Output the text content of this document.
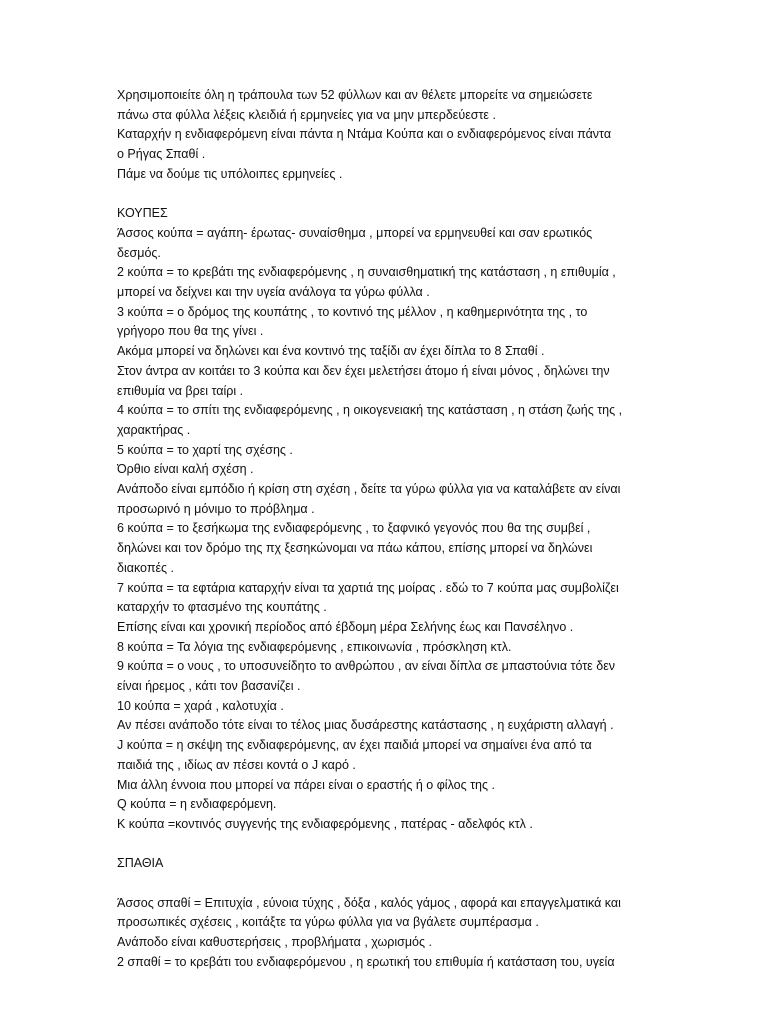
Χρησιμοποιείτε όλη η τράπουλα των 52 φύλλων και αν θέλετε μπορείτε να σημειώσετε
πάνω στα φύλλα λέξεις κλειδιά ή ερμηνείες για να μην μπερδεύεστε .
Καταρχήν η ενδιαφερόμενη είναι πάντα η Ντάμα Κούπα και ο ενδιαφερόμενος είναι πάντα
ο Ρήγας Σπαθί .
Πάμε να δούμε τις υπόλοιπες ερμηνείες .
ΚΟΥΠΕΣ
Άσσος κούπα = αγάπη- έρωτας- συναίσθημα , μπορεί να ερμηνευθεί και σαν ερωτικός
δεσμός.
2 κούπα = το κρεβάτι της ενδιαφερόμενης , η συναισθηματική της κατάσταση , η επιθυμία ,
μπορεί να δείχνει και την υγεία ανάλογα τα γύρω φύλλα .
3 κούπα = ο δρόμος της κουπάτης , το κοντινό της μέλλον , η καθημερινότητα της , το
γρήγορο που θα της γίνει .
Ακόμα μπορεί να δηλώνει και ένα κοντινό της ταξίδι αν έχει δίπλα το 8 Σπαθί .
Στον άντρα αν κοιτάει το 3 κούπα και δεν έχει μελετήσει άτομο ή είναι μόνος , δηλώνει την
επιθυμία να βρει ταίρι .
4 κούπα = το σπίτι της ενδιαφερόμενης , η οικογενειακή της κατάσταση , η στάση ζωής της ,
χαρακτήρας .
5 κούπα = το χαρτί της σχέσης .
Όρθιο είναι καλή σχέση .
Ανάποδο είναι εμπόδιο ή κρίση στη σχέση , δείτε τα γύρω φύλλα για να καταλάβετε αν είναι
προσωρινό η μόνιμο το πρόβλημα .
6 κούπα = το ξεσήκωμα της ενδιαφερόμενης , το ξαφνικό γεγονός που θα της συμβεί ,
δηλώνει και τον δρόμο της πχ ξεσηκώνομαι να πάω κάπου, επίσης μπορεί να δηλώνει
διακοπές .
7 κούπα = τα εφτάρια καταρχήν είναι τα χαρτιά της μοίρας . εδώ το 7 κούπα μας συμβολίζει
καταρχήν το φτασμένο της κουπάτης .
Επίσης είναι και χρονική περίοδος από έβδομη μέρα Σελήνης έως και Πανσέληνο .
8 κούπα = Τα λόγια της ενδιαφερόμενης , επικοινωνία , πρόσκληση κτλ.
9 κούπα = ο νους , το υποσυνείδητο το ανθρώπου , αν είναι δίπλα σε μπαστούνια τότε δεν
είναι ήρεμος , κάτι τον βασανίζει .
10 κούπα = χαρά , καλοτυχία .
Αν πέσει ανάποδο τότε είναι το τέλος μιας δυσάρεστης κατάστασης , η ευχάριστη αλλαγή .
J κούπα = η σκέψη της ενδιαφερόμενης, αν έχει παιδιά μπορεί να σημαίνει ένα από τα
παιδιά της , ιδίως αν πέσει κοντά ο J καρό .
Μια άλλη έννοια που μπορεί να πάρει είναι ο εραστής ή ο φίλος της .
Q κούπα = η ενδιαφερόμενη.
Κ κούπα =κοντινός συγγενής της ενδιαφερόμενης , πατέρας - αδελφός κτλ .
ΣΠΑΘΙΑ
Άσσος σπαθί = Επιτυχία , εύνοια τύχης , δόξα , καλός γάμος , αφορά και επαγγελματικά και
προσωπικές σχέσεις , κοιτάξτε τα γύρω φύλλα για να βγάλετε συμπέρασμα .
Ανάποδο είναι καθυστερήσεις , προβλήματα , χωρισμός .
2 σπαθί = το κρεβάτι του ενδιαφερόμενου , η ερωτική του επιθυμία ή κατάσταση του, υγεία
